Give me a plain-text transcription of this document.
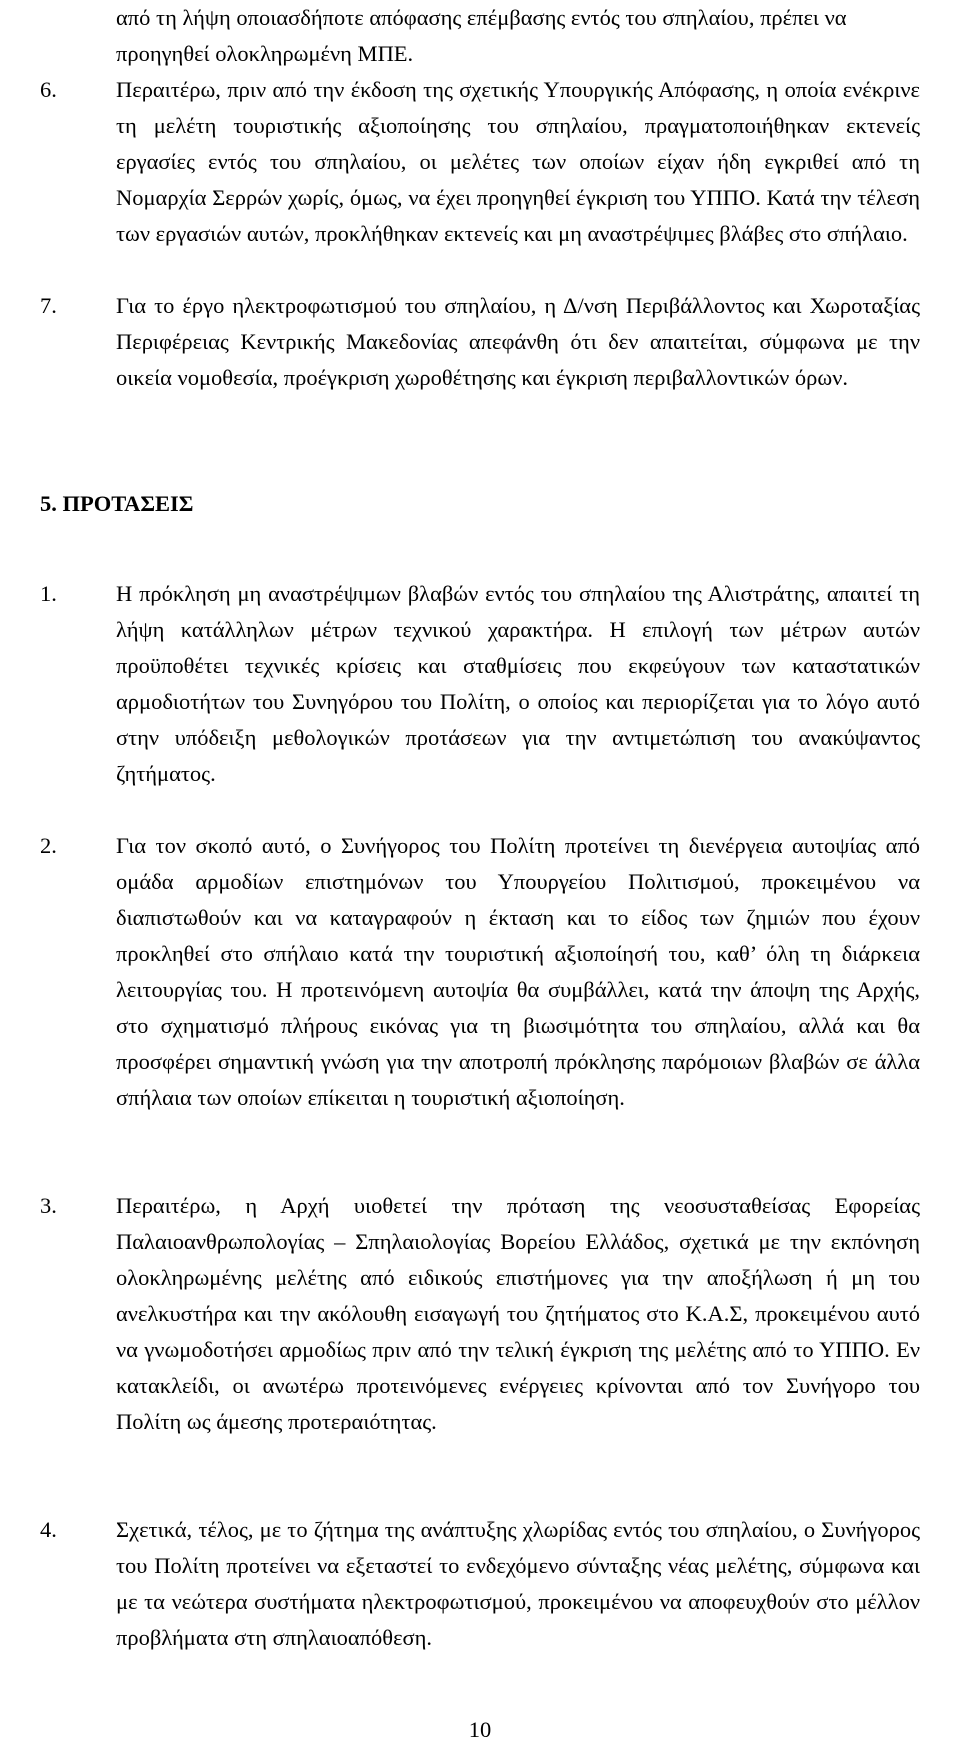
από τη λήψη οποιασδήποτε απόφασης επέμβασης εντός του σπηλαίου, πρέπει να προηγηθεί ολοκληρωμένη ΜΠΕ.
6.	Περαιτέρω, πριν από την έκδοση της σχετικής Υπουργικής Απόφασης, η οποία ενέκρινε τη μελέτη τουριστικής αξιοποίησης του σπηλαίου, πραγματοποιήθηκαν εκτενείς εργασίες εντός του σπηλαίου, οι μελέτες των οποίων είχαν ήδη εγκριθεί από τη Νομαρχία Σερρών χωρίς, όμως, να έχει προηγηθεί έγκριση του ΥΠΠΟ. Κατά την τέλεση των εργασιών αυτών, προκλήθηκαν εκτενείς και μη αναστρέψιμες βλάβες στο σπήλαιο.
7.	Για το έργο ηλεκτροφωτισμού του σπηλαίου, η Δ/νση Περιβάλλοντος και Χωροταξίας Περιφέρειας Κεντρικής Μακεδονίας απεφάνθη ότι δεν απαιτείται, σύμφωνα με την οικεία νομοθεσία, προέγκριση χωροθέτησης και έγκριση περιβαλλοντικών όρων.
5. ΠΡΟΤΑΣΕΙΣ
1.	Η πρόκληση μη αναστρέψιμων βλαβών εντός του σπηλαίου της Αλιστράτης, απαιτεί τη λήψη κατάλληλων μέτρων τεχνικού χαρακτήρα. Η επιλογή των μέτρων αυτών προϋποθέτει τεχνικές κρίσεις και σταθμίσεις που εκφεύγουν των καταστατικών αρμοδιοτήτων του Συνηγόρου του Πολίτη, ο οποίος και περιορίζεται για το λόγο αυτό στην υπόδειξη μεθολογικών προτάσεων για την αντιμετώπιση του ανακύψαντος ζητήματος.
2.	Για τον σκοπό αυτό, ο Συνήγορος του Πολίτη προτείνει τη διενέργεια αυτοψίας από ομάδα αρμοδίων επιστημόνων του Υπουργείου Πολιτισμού, προκειμένου να διαπιστωθούν και να καταγραφούν η έκταση και το είδος των ζημιών που έχουν προκληθεί στο σπήλαιο κατά την τουριστική αξιοποίησή του, καθ’ όλη τη διάρκεια λειτουργίας του. Η προτεινόμενη αυτοψία θα συμβάλλει, κατά την άποψη της Αρχής, στο σχηματισμό πλήρους εικόνας για τη βιωσιμότητα του σπηλαίου, αλλά και θα προσφέρει σημαντική γνώση για την αποτροπή πρόκλησης παρόμοιων βλαβών σε άλλα σπήλαια των οποίων επίκειται η τουριστική αξιοποίηση.
3.	Περαιτέρω, η Αρχή υιοθετεί την πρόταση της νεοσυσταθείσας Εφορείας Παλαιοανθρωπολογίας – Σπηλαιολογίας Βορείου Ελλάδος, σχετικά με την εκπόνηση ολοκληρωμένης μελέτης από ειδικούς επιστήμονες για την αποξήλωση ή μη του ανελκυστήρα και την ακόλουθη εισαγωγή του ζητήματος στο Κ.Α.Σ, προκειμένου αυτό να γνωμοδοτήσει αρμοδίως πριν από την τελική έγκριση της μελέτης από το ΥΠΠΟ. Εν κατακλείδι, οι ανωτέρω προτεινόμενες ενέργειες κρίνονται από τον Συνήγορο του Πολίτη ως άμεσης προτεραιότητας.
4.	Σχετικά, τέλος, με το ζήτημα της ανάπτυξης χλωρίδας εντός του σπηλαίου, ο Συνήγορος του Πολίτη προτείνει να εξεταστεί το ενδεχόμενο σύνταξης νέας μελέτης, σύμφωνα και με τα νεώτερα συστήματα ηλεκτροφωτισμού, προκειμένου να αποφευχθούν στο μέλλον προβλήματα στη σπηλαιοαπόθεση.
10
